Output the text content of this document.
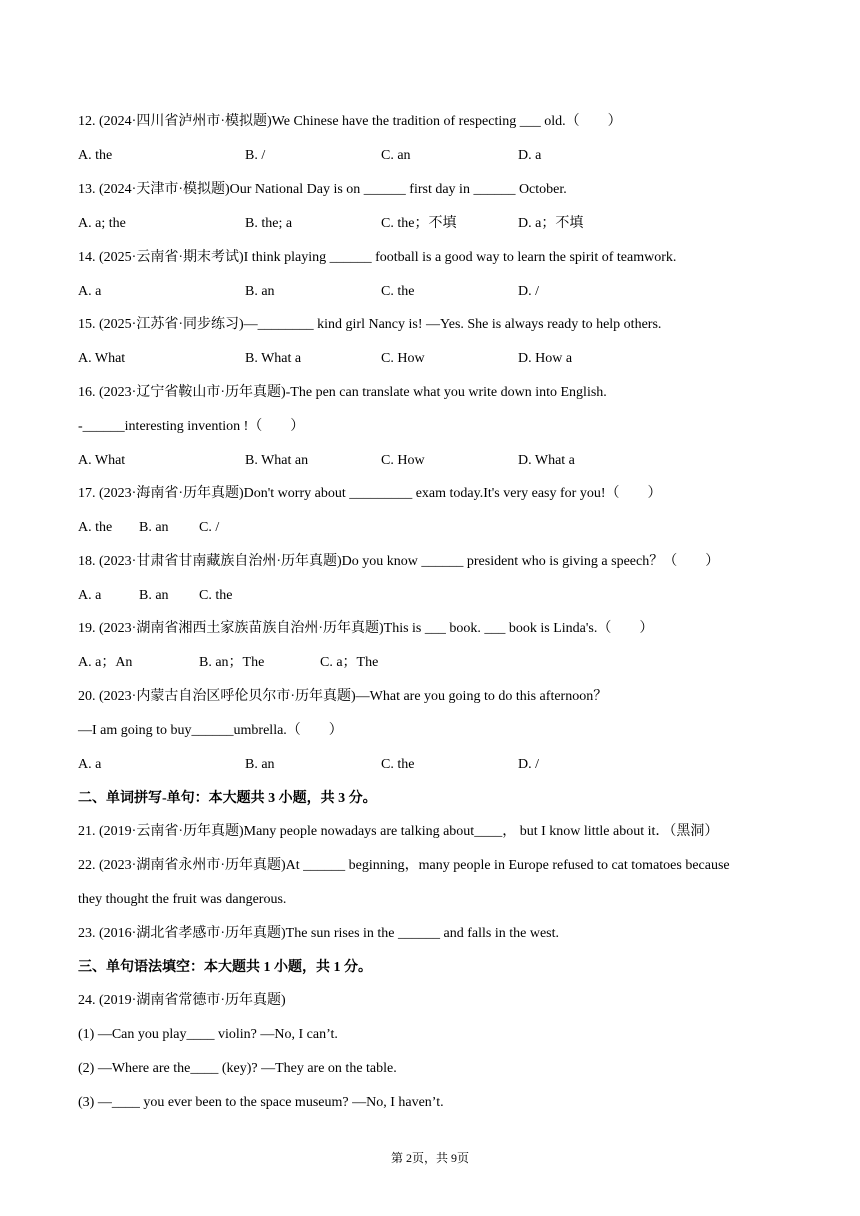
12. (2024·四川省泸州市·模拟题)We Chinese have the tradition of respecting ___ old.（　　）
A. the	B. /	C. an	D. a
13. (2024·天津市·模拟题)Our National Day is on ______ first day in ______ October.
A. a; the	B. the; a	C. the；不填	D. a；不填
14. (2025·云南省·期末考试)I think playing ______ football is a good way to learn the spirit of teamwork.
A. a	B. an	C. the	D. /
15. (2025·江苏省·同步练习)—________ kind girl Nancy is! —Yes. She is always ready to help others.
A. What	B. What a	C. How	D. How a
16. (2023·辽宁省鞍山市·历年真题)-The pen can translate what you write down into English.
-______interesting invention !（　　）
A. What	B. What an	C. How	D. What a
17. (2023·海南省·历年真题)Don't worry about _________ exam today.It's very easy for you!（　　）
A. the B. an C. /
18. (2023·甘肃省甘南藏族自治州·历年真题)Do you know ______ president who is giving a speech？（　　）
A. a	B. an C. the
19. (2023·湖南省湘西土家族苗族自治州·历年真题)This is ___ book. ___ book is Linda's.（　　）
A. a；An	B. an；The	C. a；The
20. (2023·内蒙古自治区呼伦贝尔市·历年真题)—What are you going to do this afternoon？
—I am going to buy______umbrella.（　　）
A. a	B. an	C. the	D. /
二、单词拼写-单句：本大题共 3 小题，共 3 分。
21. (2019·云南省·历年真题)Many people nowadays are talking about____， but I know little about it．（黑洞）
22. (2023·湖南省永州市·历年真题)At ______ beginning，many people in Europe refused to cat tomatoes because
they thought the fruit was dangerous.
23. (2016·湖北省孝感市·历年真题)The sun rises in the ______ and falls in the west.
三、单句语法填空：本大题共 1 小题，共 1 分。
24. (2019·湖南省常德市·历年真题)
(1) —Can you play____ violin? —No, I can’t.
(2) —Where are the____ (key)? —They are on the table.
(3) —____ you ever been to the space museum? —No, I haven’t.
第 2页，共 9页
